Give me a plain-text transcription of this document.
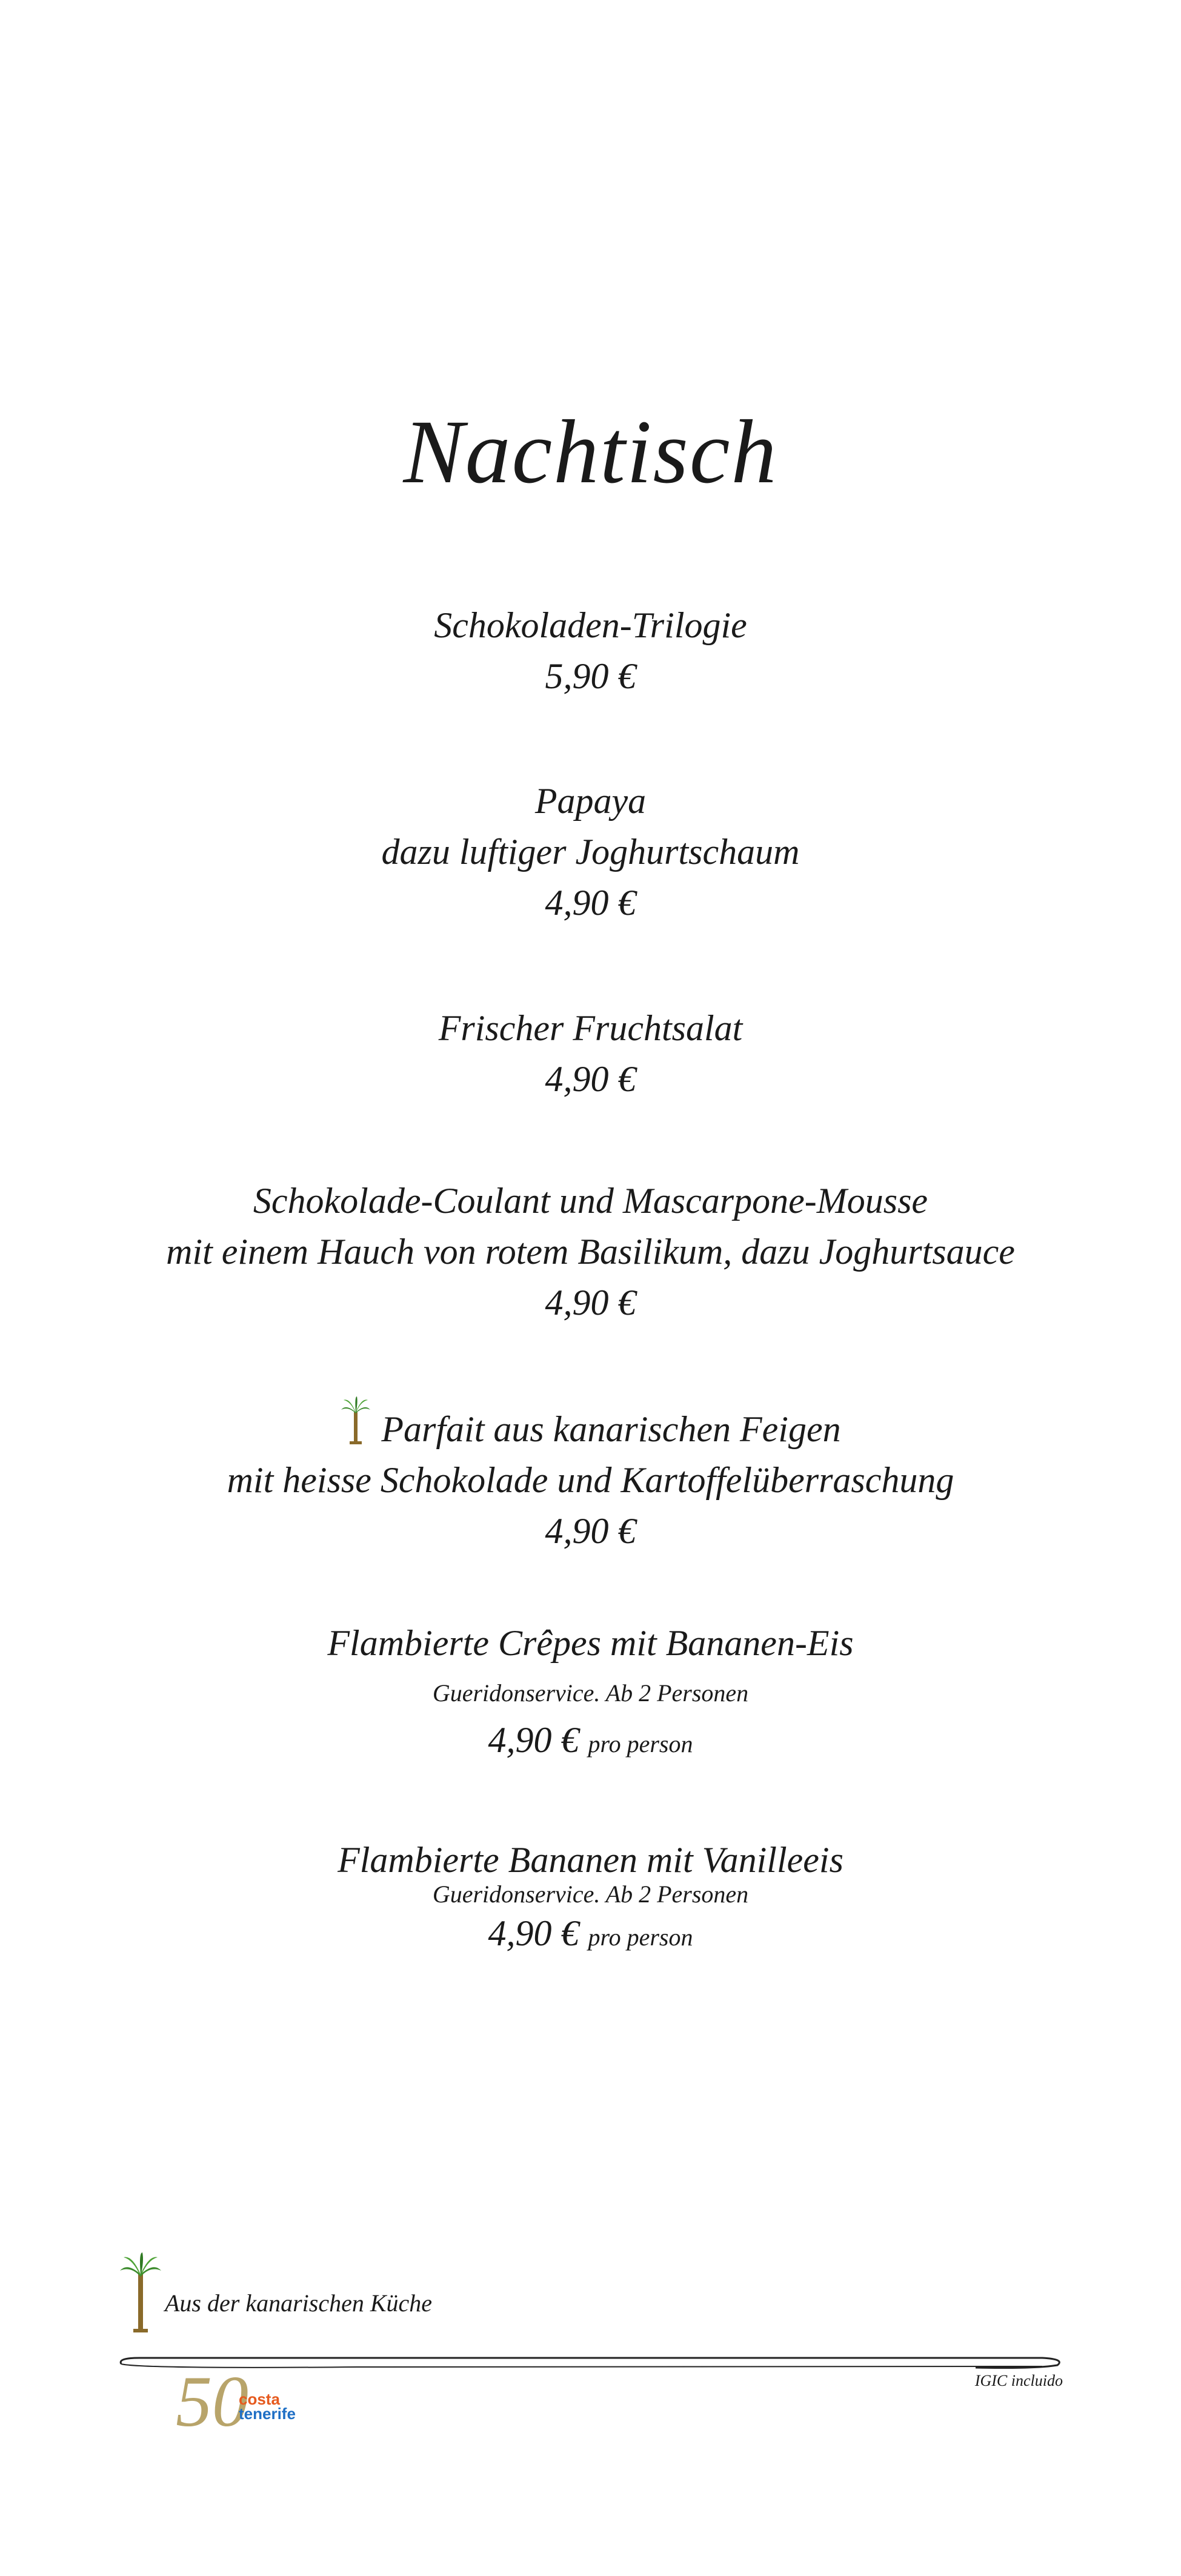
Nachtisch
Schokoladen-Trilogie
5,90 €
Papaya
dazu luftiger Joghurtschaum
4,90 €
Frischer Fruchtsalat
4,90 €
Schokolade-Coulant und Mascarpone-Mousse
mit einem Hauch von rotem Basilikum, dazu Joghurtsauce
4,90 €
Parfait aus kanarischen Feigen
mit heisse Schokolade und Kartoffelüberraschung
4,90 €
Flambierte Crêpes mit Bananen-Eis
Gueridonservice. Ab 2 Personen
4,90 € pro person
Flambierte Bananen mit Vanilleeis
Gueridonservice. Ab 2 Personen
4,90 € pro person
Aus der kanarischen Küche
IGIC incluido
50
costa
tenerife
